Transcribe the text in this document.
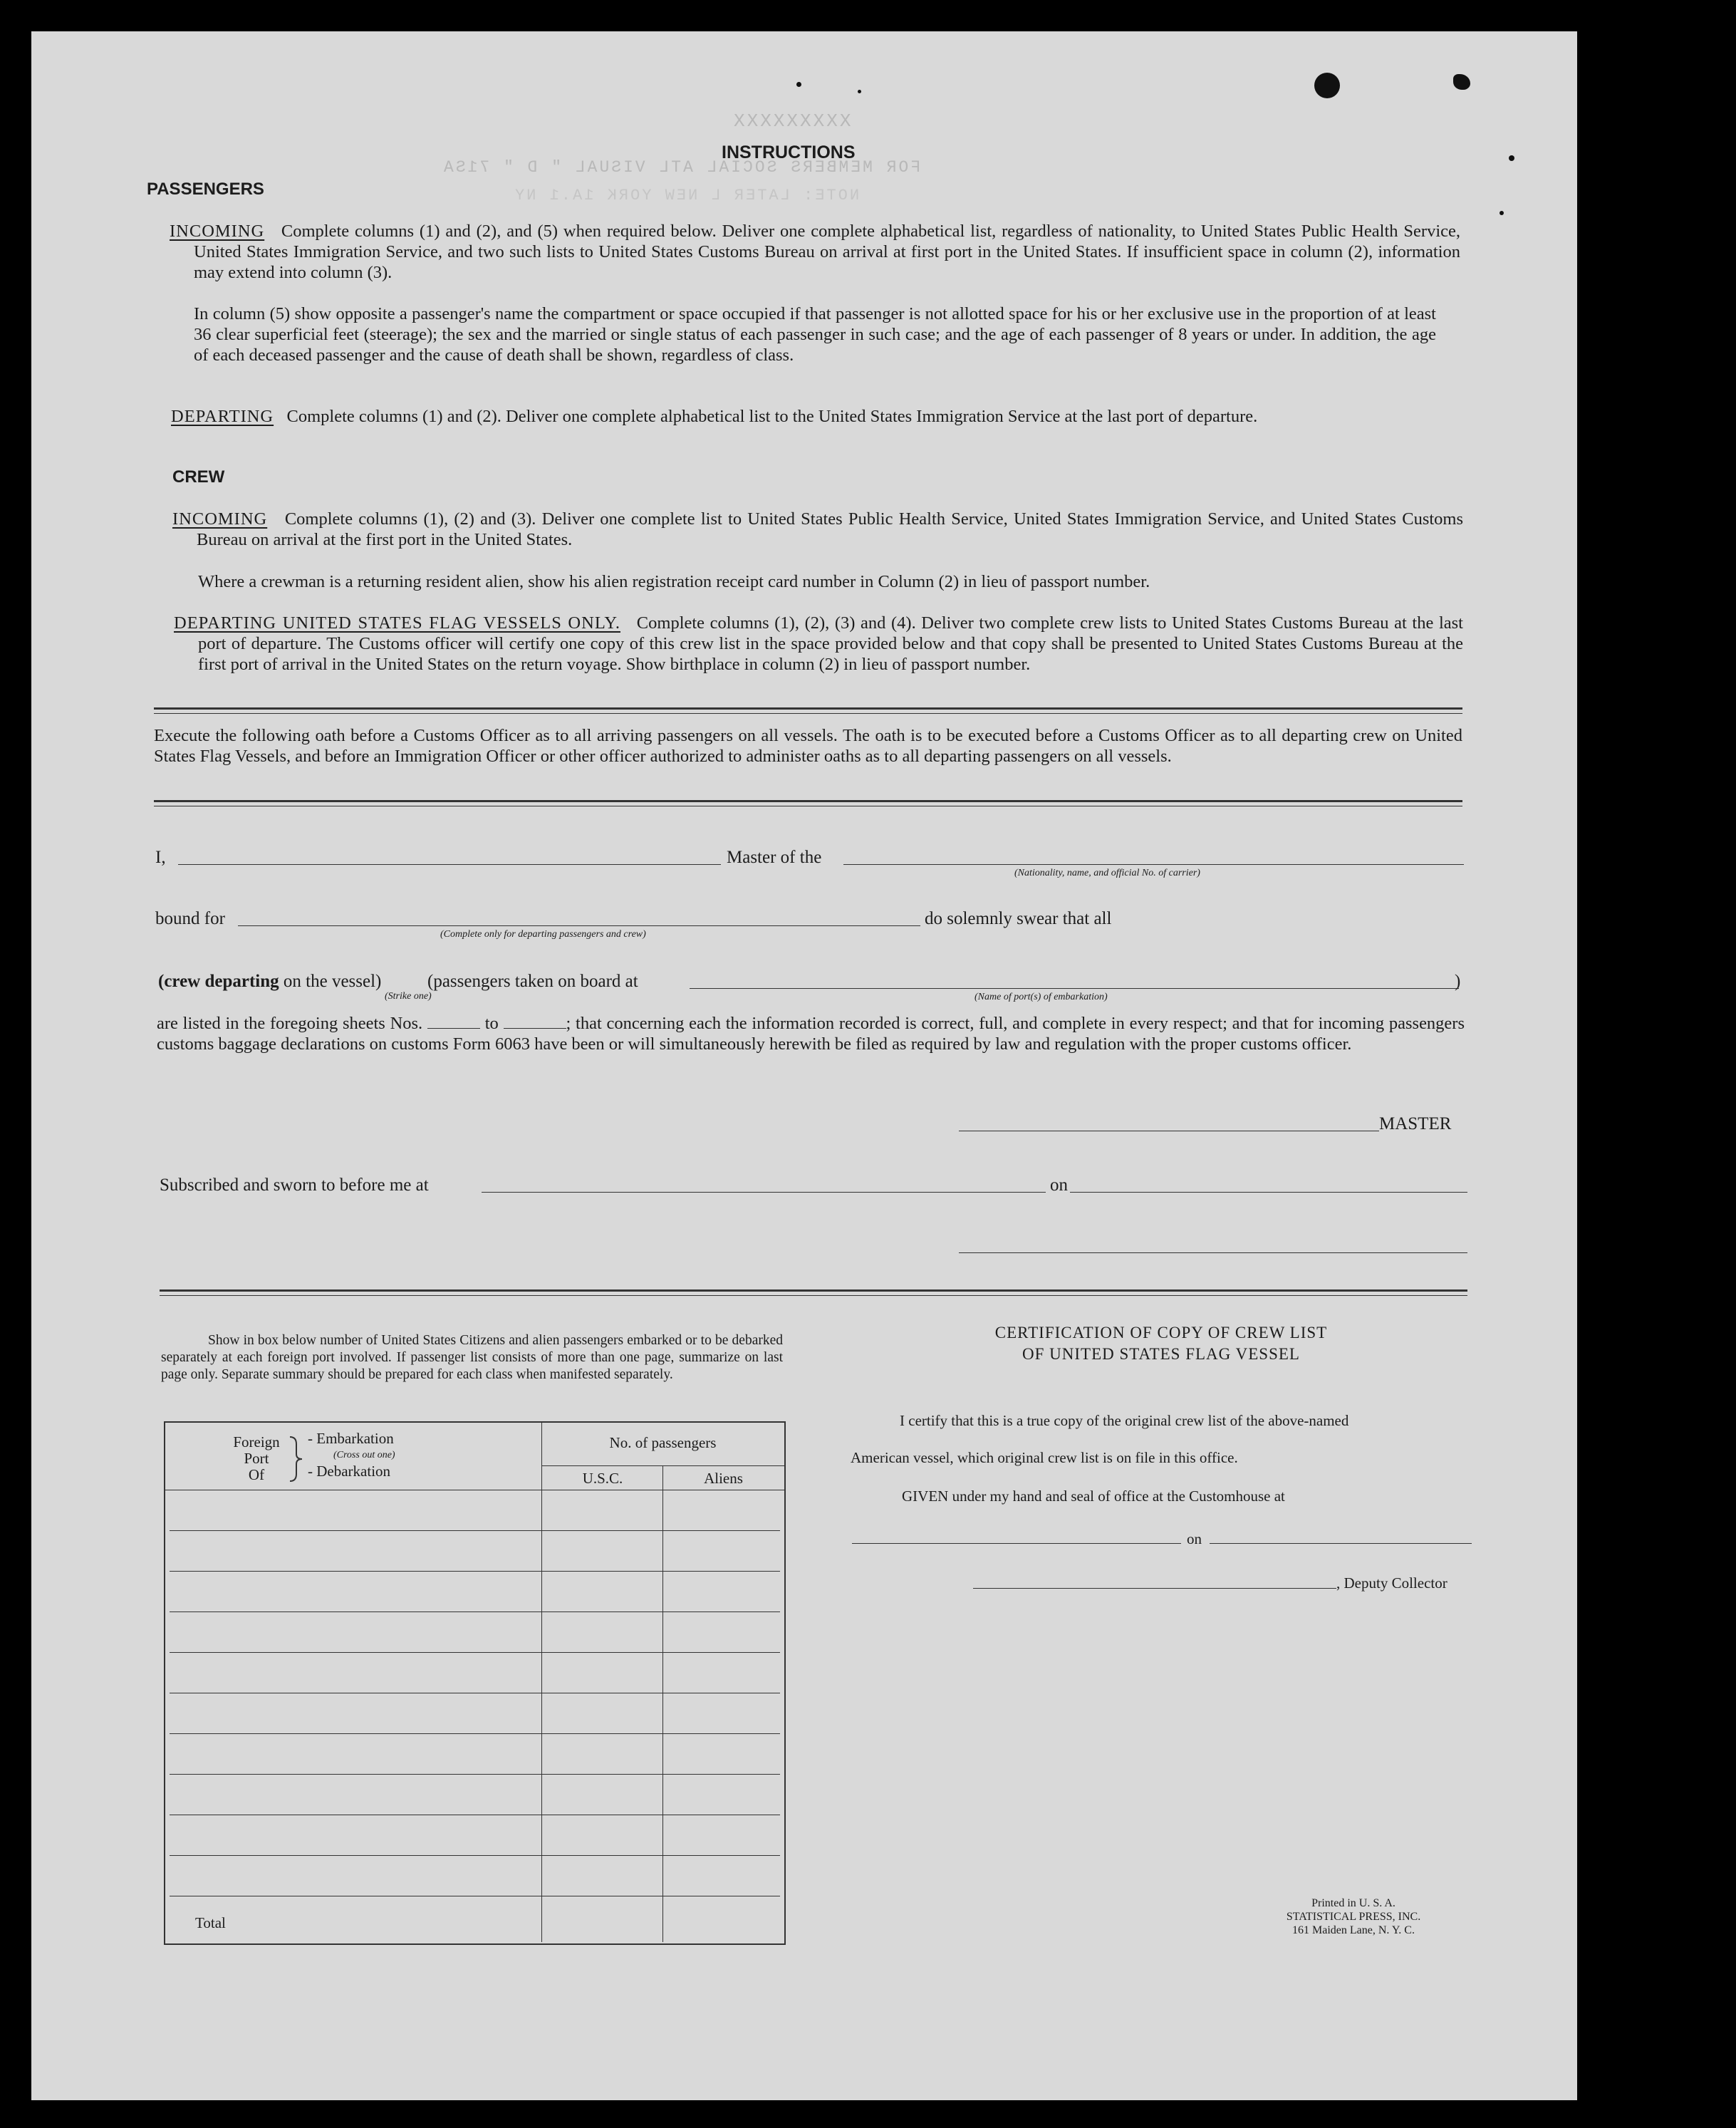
XXXXXXXXX
FOR MEMBERS SOCIAL ATL VISUAL " D " 71SA
NOTE: LATER L NEW YORK 1A.1 NY
INSTRUCTIONS
PASSENGERS
INCOMING Complete columns (1) and (2), and (5) when required below. Deliver one complete alphabetical list, regardless of nationality, to United States Public Health Service, United States Immigration Service, and two such lists to United States Customs Bureau on arrival at first port in the United States. If insufficient space in column (2), information may extend into column (3).
In column (5) show opposite a passenger's name the compartment or space occupied if that passenger is not allotted space for his or her exclusive use in the proportion of at least 36 clear superficial feet (steerage); the sex and the married or single status of each passenger in such case; and the age of each passenger of 8 years or under. In addition, the age of each deceased passenger and the cause of death shall be shown, regardless of class.
DEPARTING Complete columns (1) and (2). Deliver one complete alphabetical list to the United States Immigration Service at the last port of departure.
CREW
INCOMING Complete columns (1), (2) and (3). Deliver one complete list to United States Public Health Service, United States Immigration Service, and United States Customs Bureau on arrival at the first port in the United States.
Where a crewman is a returning resident alien, show his alien registration receipt card number in Column (2) in lieu of passport number.
DEPARTING UNITED STATES FLAG VESSELS ONLY. Complete columns (1), (2), (3) and (4). Deliver two complete crew lists to United States Customs Bureau at the last port of departure. The Customs officer will certify one copy of this crew list in the space provided below and that copy shall be presented to United States Customs Bureau at the first port of arrival in the United States on the return voyage. Show birthplace in column (2) in lieu of passport number.
Execute the following oath before a Customs Officer as to all arriving passengers on all vessels. The oath is to be executed before a Customs Officer as to all departing crew on United States Flag Vessels, and before an Immigration Officer or other officer authorized to administer oaths as to all departing passengers on all vessels.
I,	Master of the
(Nationality, name, and official No. of carrier)
bound for
(Complete only for departing passengers and crew)
do solemnly swear that all
(crew departing on the vessel)
(Strike one)
(passengers taken on board at
(Name of port(s) of embarkation)
)
are listed in the foregoing sheets Nos.	to	; that concerning each the information recorded is correct, full, and complete in every respect; and that for incoming passengers customs baggage declarations on customs Form 6063 have been or will simultaneously herewith be filed as required by law and regulation with the proper customs officer.
MASTER
Subscribed and sworn to before me at	on
Show in box below number of United States Citizens and alien passengers embarked or to be debarked separately at each foreign port involved. If passenger list consists of more than one page, summarize on last page only. Separate summary should be prepared for each class when manifested separately.
Foreign
Port
Of
- Embarkation
(Cross out one)
- Debarkation
No. of passengers
U.S.C.	Aliens
Total
CERTIFICATION OF COPY OF CREW LIST
OF UNITED STATES FLAG VESSEL
I certify that this is a true copy of the original crew list of the above-named
American vessel, which original crew list is on file in this office.
GIVEN under my hand and seal of office at the Customhouse at
on
, Deputy Collector
Printed in U. S. A.
STATISTICAL PRESS, INC.
161 Maiden Lane, N. Y. C.
